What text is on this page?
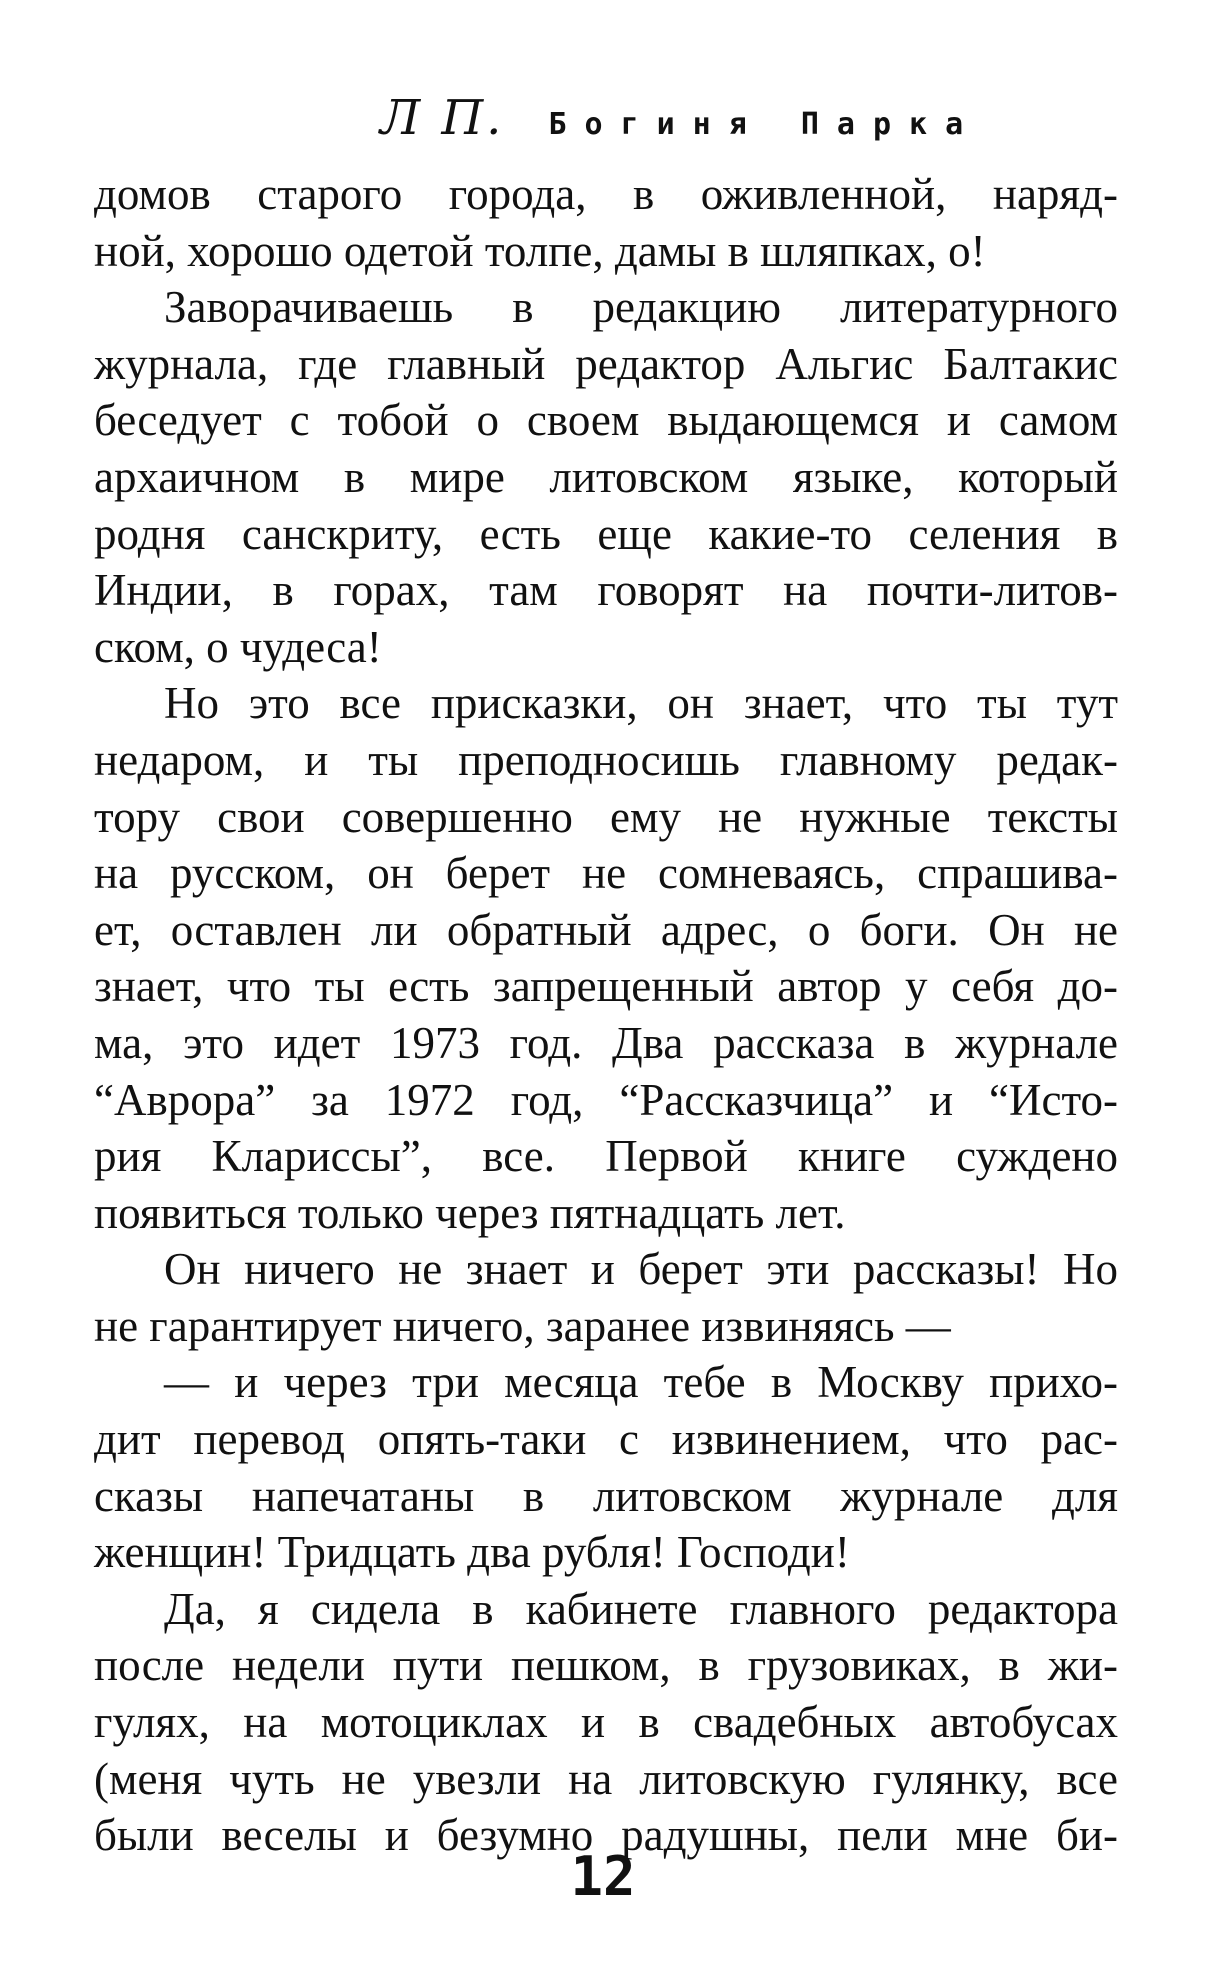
Л П. Богиня Парка
домов старого города, в оживленной, наряд-
ной, хорошо одетой толпе, дамы в шляпках, о!
Заворачиваешь в редакцию литературного
журнала, где главный редактор Альгис Балтакис
беседует с тобой о своем выдающемся и самом
архаичном в мире литовском языке, который
родня санскриту, есть еще какие-то селения в
Индии, в горах, там говорят на почти-литов-
ском, о чудеса!
Но это все присказки, он знает, что ты тут
недаром, и ты преподносишь главному редак-
тору свои совершенно ему не нужные тексты
на русском, он берет не сомневаясь, спрашива-
ет, оставлен ли обратный адрес, о боги. Он не
знает, что ты есть запрещенный автор у себя до-
ма, это идет 1973 год. Два рассказа в журнале
“Аврора” за 1972 год, “Рассказчица” и “Исто-
рия Клариссы”, все. Первой книге суждено
появиться только через пятнадцать лет.
Он ничего не знает и берет эти рассказы! Но
не гарантирует ничего, заранее извиняясь —
— и через три месяца тебе в Москву прихо-
дит перевод опять-таки с извинением, что рас-
сказы напечатаны в литовском журнале для
женщин! Тридцать два рубля! Господи!
Да, я сидела в кабинете главного редактора
после недели пути пешком, в грузовиках, в жи-
гулях, на мотоциклах и в свадебных автобусах
(меня чуть не увезли на литовскую гулянку, все
были веселы и безумно радушны, пели мне би-
12
